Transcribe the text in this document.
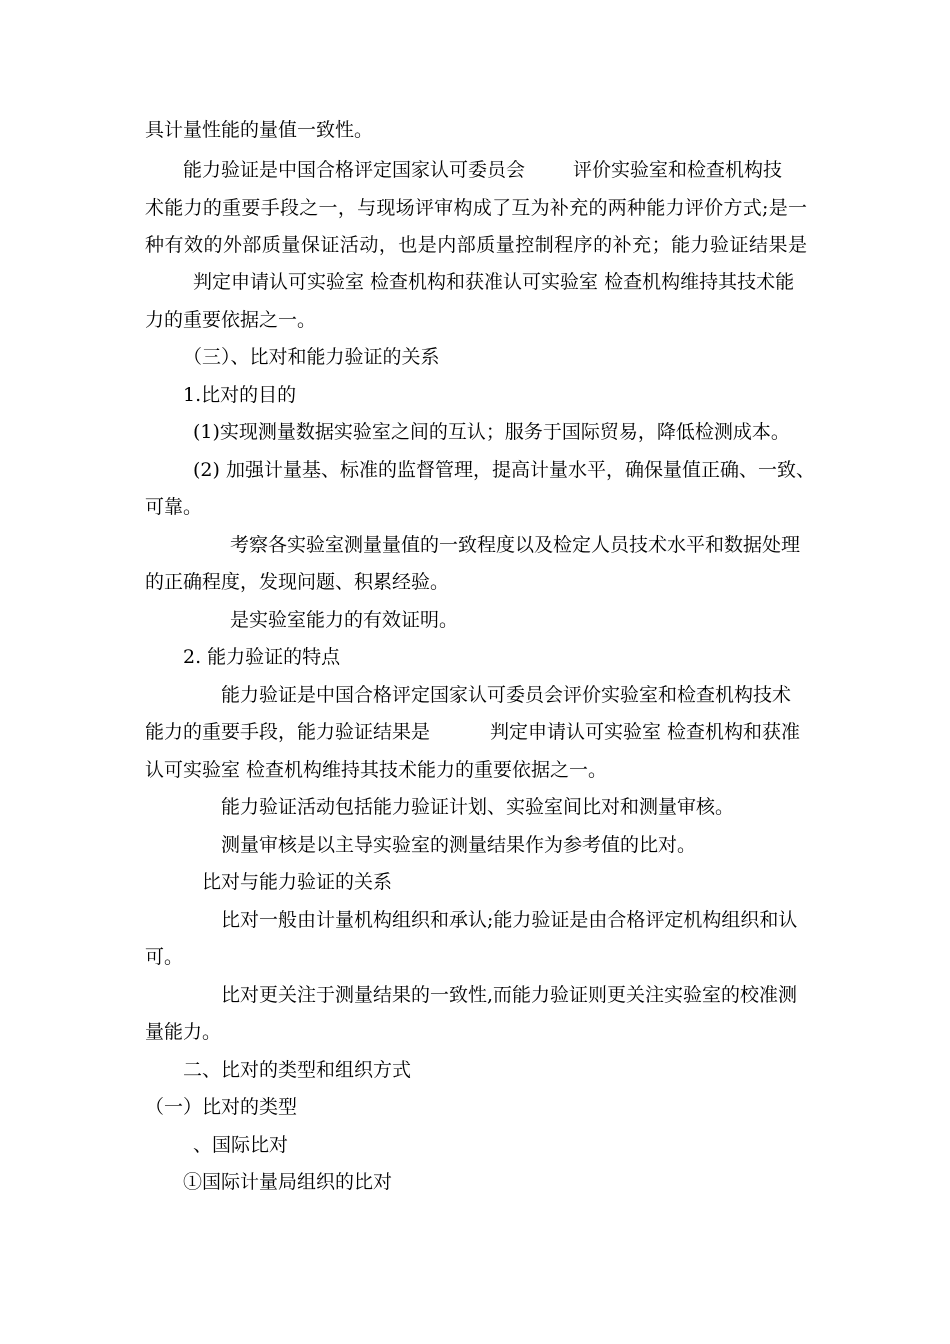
具计量性能的量值一致性。
能力验证是中国合格评定国家认可委员会	评价实验室和检查机构技
术能力的重要手段之一，与现场评审构成了互为补充的两种能力评价方式;是一
种有效的外部质量保证活动，也是内部质量控制程序的补充；能力验证结果是
判定申请认可实验室 检查机构和获准认可实验室 检查机构维持其技术能
力的重要依据之一。
（三）、比对和能力验证的关系
1.比对的目的
(1)实现测量数据实验室之间的互认；服务于国际贸易，降低检测成本。
(2) 加强计量基、标准的监督管理，提高计量水平，确保量值正确、一致、
可靠。
考察各实验室测量量值的一致程度以及检定人员技术水平和数据处理
的正确程度，发现问题、积累经验。
是实验室能力的有效证明。
2. 能力验证的特点
能力验证是中国合格评定国家认可委员会评价实验室和检查机构技术
能力的重要手段，能力验证结果是	判定申请认可实验室 检查机构和获准
认可实验室 检查机构维持其技术能力的重要依据之一。
能力验证活动包括能力验证计划、实验室间比对和测量审核。
测量审核是以主导实验室的测量结果作为参考值的比对。
比对与能力验证的关系
比对一般由计量机构组织和承认;能力验证是由合格评定机构组织和认
可。
比对更关注于测量结果的一致性,而能力验证则更关注实验室的校准测
量能力。
二、比对的类型和组织方式
（一）比对的类型
、国际比对
①国际计量局组织的比对
